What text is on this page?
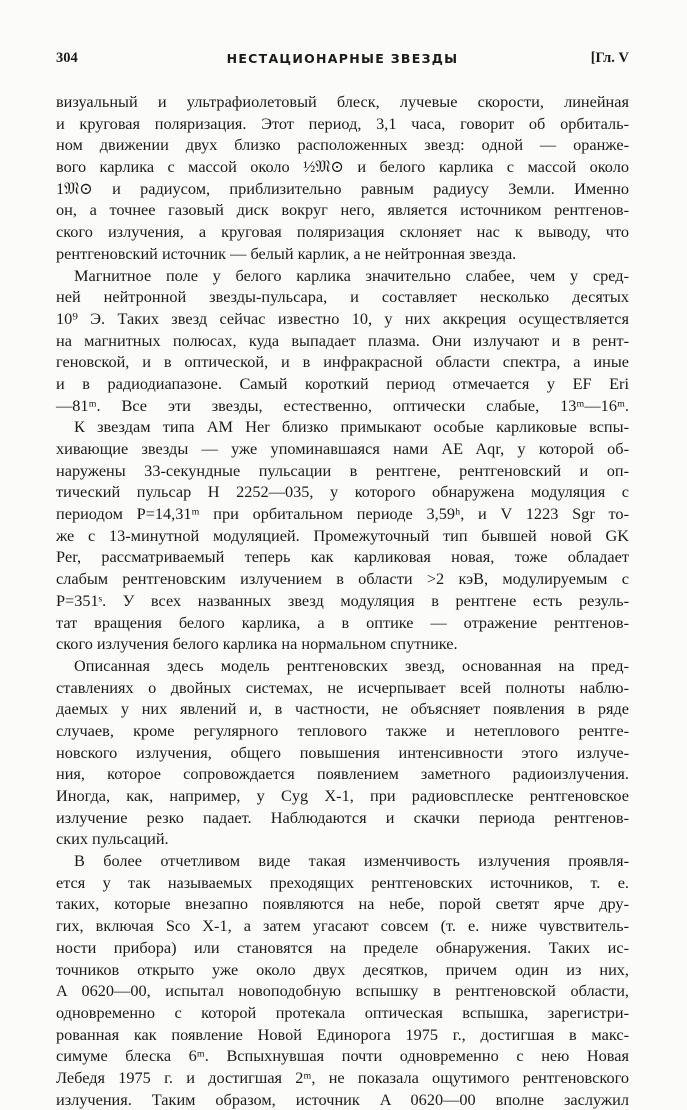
304	НЕСТАЦИОНАРНЫЕ ЗВЕЗДЫ	[Гл. V
визуальный и ультрафиолетовый блеск, лучевые скорости, линейная
и круговая поляризация. Этот период, 3,1 часа, говорит об орбиталь-
ном движении двух близко расположенных звезд: одной — оранже-
вого карлика с массой около ½𝔐⊙ и белого карлика с массой около
1𝔐⊙ и радиусом, приблизительно равным радиусу Земли. Именно
он, а точнее газовый диск вокруг него, является источником рентгенов-
ского излучения, а круговая поляризация склоняет нас к выводу, что
рентгеновский источник — белый карлик, а не нейтронная звезда.
Магнитное поле у белого карлика значительно слабее, чем у сред-
ней нейтронной звезды-пульсара, и составляет несколько десятых
10⁹ Э. Таких звезд сейчас известно 10, у них аккреция осуществляется
на магнитных полюсах, куда выпадает плазма. Они излучают и в рент-
геновской, и в оптической, и в инфракрасной области спектра, а иные
и в радиодиапазоне. Самый короткий период отмечается у EF Eri
—81ᵐ. Все эти звезды, естественно, оптически слабые, 13ᵐ—16ᵐ.
К звездам типа AM Her близко примыкают особые карликовые вспы-
хивающие звезды — уже упоминавшаяся нами AE Aqr, у которой об-
наружены 33-секундные пульсации в рентгене, рентгеновский и оп-
тический пульсар H 2252—035, у которого обнаружена модуляция с
периодом P=14,31ᵐ при орбитальном периоде 3,59ʰ, и V 1223 Sgr то-
же с 13-минутной модуляцией. Промежуточный тип бывшей новой GK
Per, рассматриваемый теперь как карликовая новая, тоже обладает
слабым рентгеновским излучением в области >2 кэВ, модулируемым с
P=351ˢ. У всех названных звезд модуляция в рентгене есть резуль-
тат вращения белого карлика, а в оптике — отражение рентгенов-
ского излучения белого карлика на нормальном спутнике.
Описанная здесь модель рентгеновских звезд, основанная на пред-
ставлениях о двойных системах, не исчерпывает всей полноты наблю-
даемых у них явлений и, в частности, не объясняет появления в ряде
случаев, кроме регулярного теплового также и нетеплового рентге-
новского излучения, общего повышения интенсивности этого излуче-
ния, которое сопровождается появлением заметного радиоизлучения.
Иногда, как, например, у Cyg X-1, при радиовсплеске рентгеновское
излучение резко падает. Наблюдаются и скачки периода рентгенов-
ских пульсаций.
В более отчетливом виде такая изменчивость излучения проявля-
ется у так называемых преходящих рентгеновских источников, т. е.
таких, которые внезапно появляются на небе, порой светят ярче дру-
гих, включая Sco X-1, а затем угасают совсем (т. е. ниже чувствитель-
ности прибора) или становятся на пределе обнаружения. Таких ис-
точников открыто уже около двух десятков, причем один из них,
A 0620—00, испытал новоподобную вспышку в рентгеновской области,
одновременно с которой протекала оптическая вспышка, зарегистри-
рованная как появление Новой Единорога 1975 г., достигшая в макс-
симуме блеска 6ᵐ. Вспыхнувшая почти одновременно с нею Новая
Лебедя 1975 г. и достигшая 2ᵐ, не показала ощутимого рентгеновского
излучения. Таким образом, источник A 0620—00 вполне заслужил
